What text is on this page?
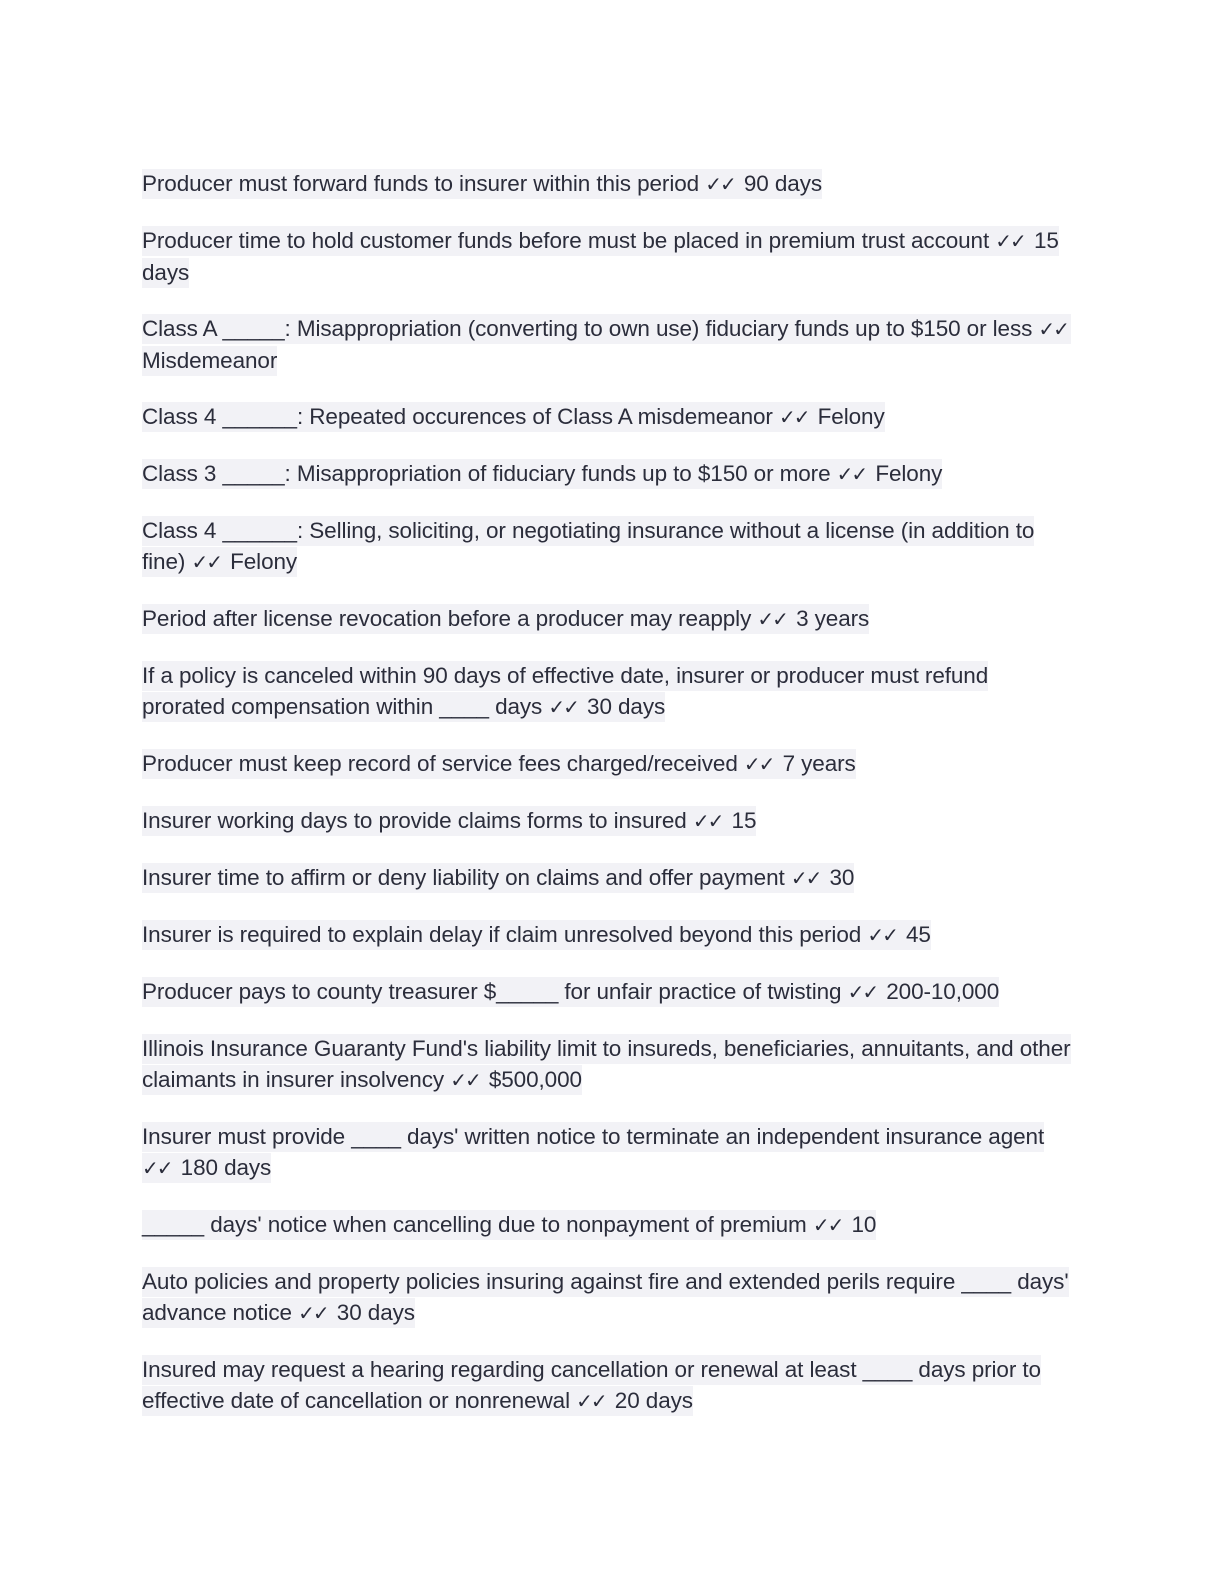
Producer must forward funds to insurer within this period ✓✓ 90 days

Producer time to hold customer funds before must be placed in premium trust account ✓✓ 15 days

Class A _____: Misappropriation (converting to own use) fiduciary funds up to $150 or less ✓✓ Misdemeanor

Class 4 ______: Repeated occurences of Class A misdemeanor ✓✓ Felony

Class 3 _____: Misappropriation of fiduciary funds up to $150 or more ✓✓ Felony

Class 4 ______: Selling, soliciting, or negotiating insurance without a license (in addition to fine) ✓✓ Felony

Period after license revocation before a producer may reapply ✓✓ 3 years

If a policy is canceled within 90 days of effective date, insurer or producer must refund prorated compensation within ____ days ✓✓ 30 days

Producer must keep record of service fees charged/received ✓✓ 7 years

Insurer working days to provide claims forms to insured ✓✓ 15

Insurer time to affirm or deny liability on claims and offer payment ✓✓ 30

Insurer is required to explain delay if claim unresolved beyond this period ✓✓ 45

Producer pays to county treasurer $_____ for unfair practice of twisting ✓✓ 200-10,000

Illinois Insurance Guaranty Fund's liability limit to insureds, beneficiaries, annuitants, and other claimants in insurer insolvency ✓✓ $500,000

Insurer must provide ____ days' written notice to terminate an independent insurance agent ✓✓ 180 days

_____ days' notice when cancelling due to nonpayment of premium ✓✓ 10

Auto policies and property policies insuring against fire and extended perils require ____ days' advance notice ✓✓ 30 days

Insured may request a hearing regarding cancellation or renewal at least ____ days prior to effective date of cancellation or nonrenewal ✓✓ 20 days
